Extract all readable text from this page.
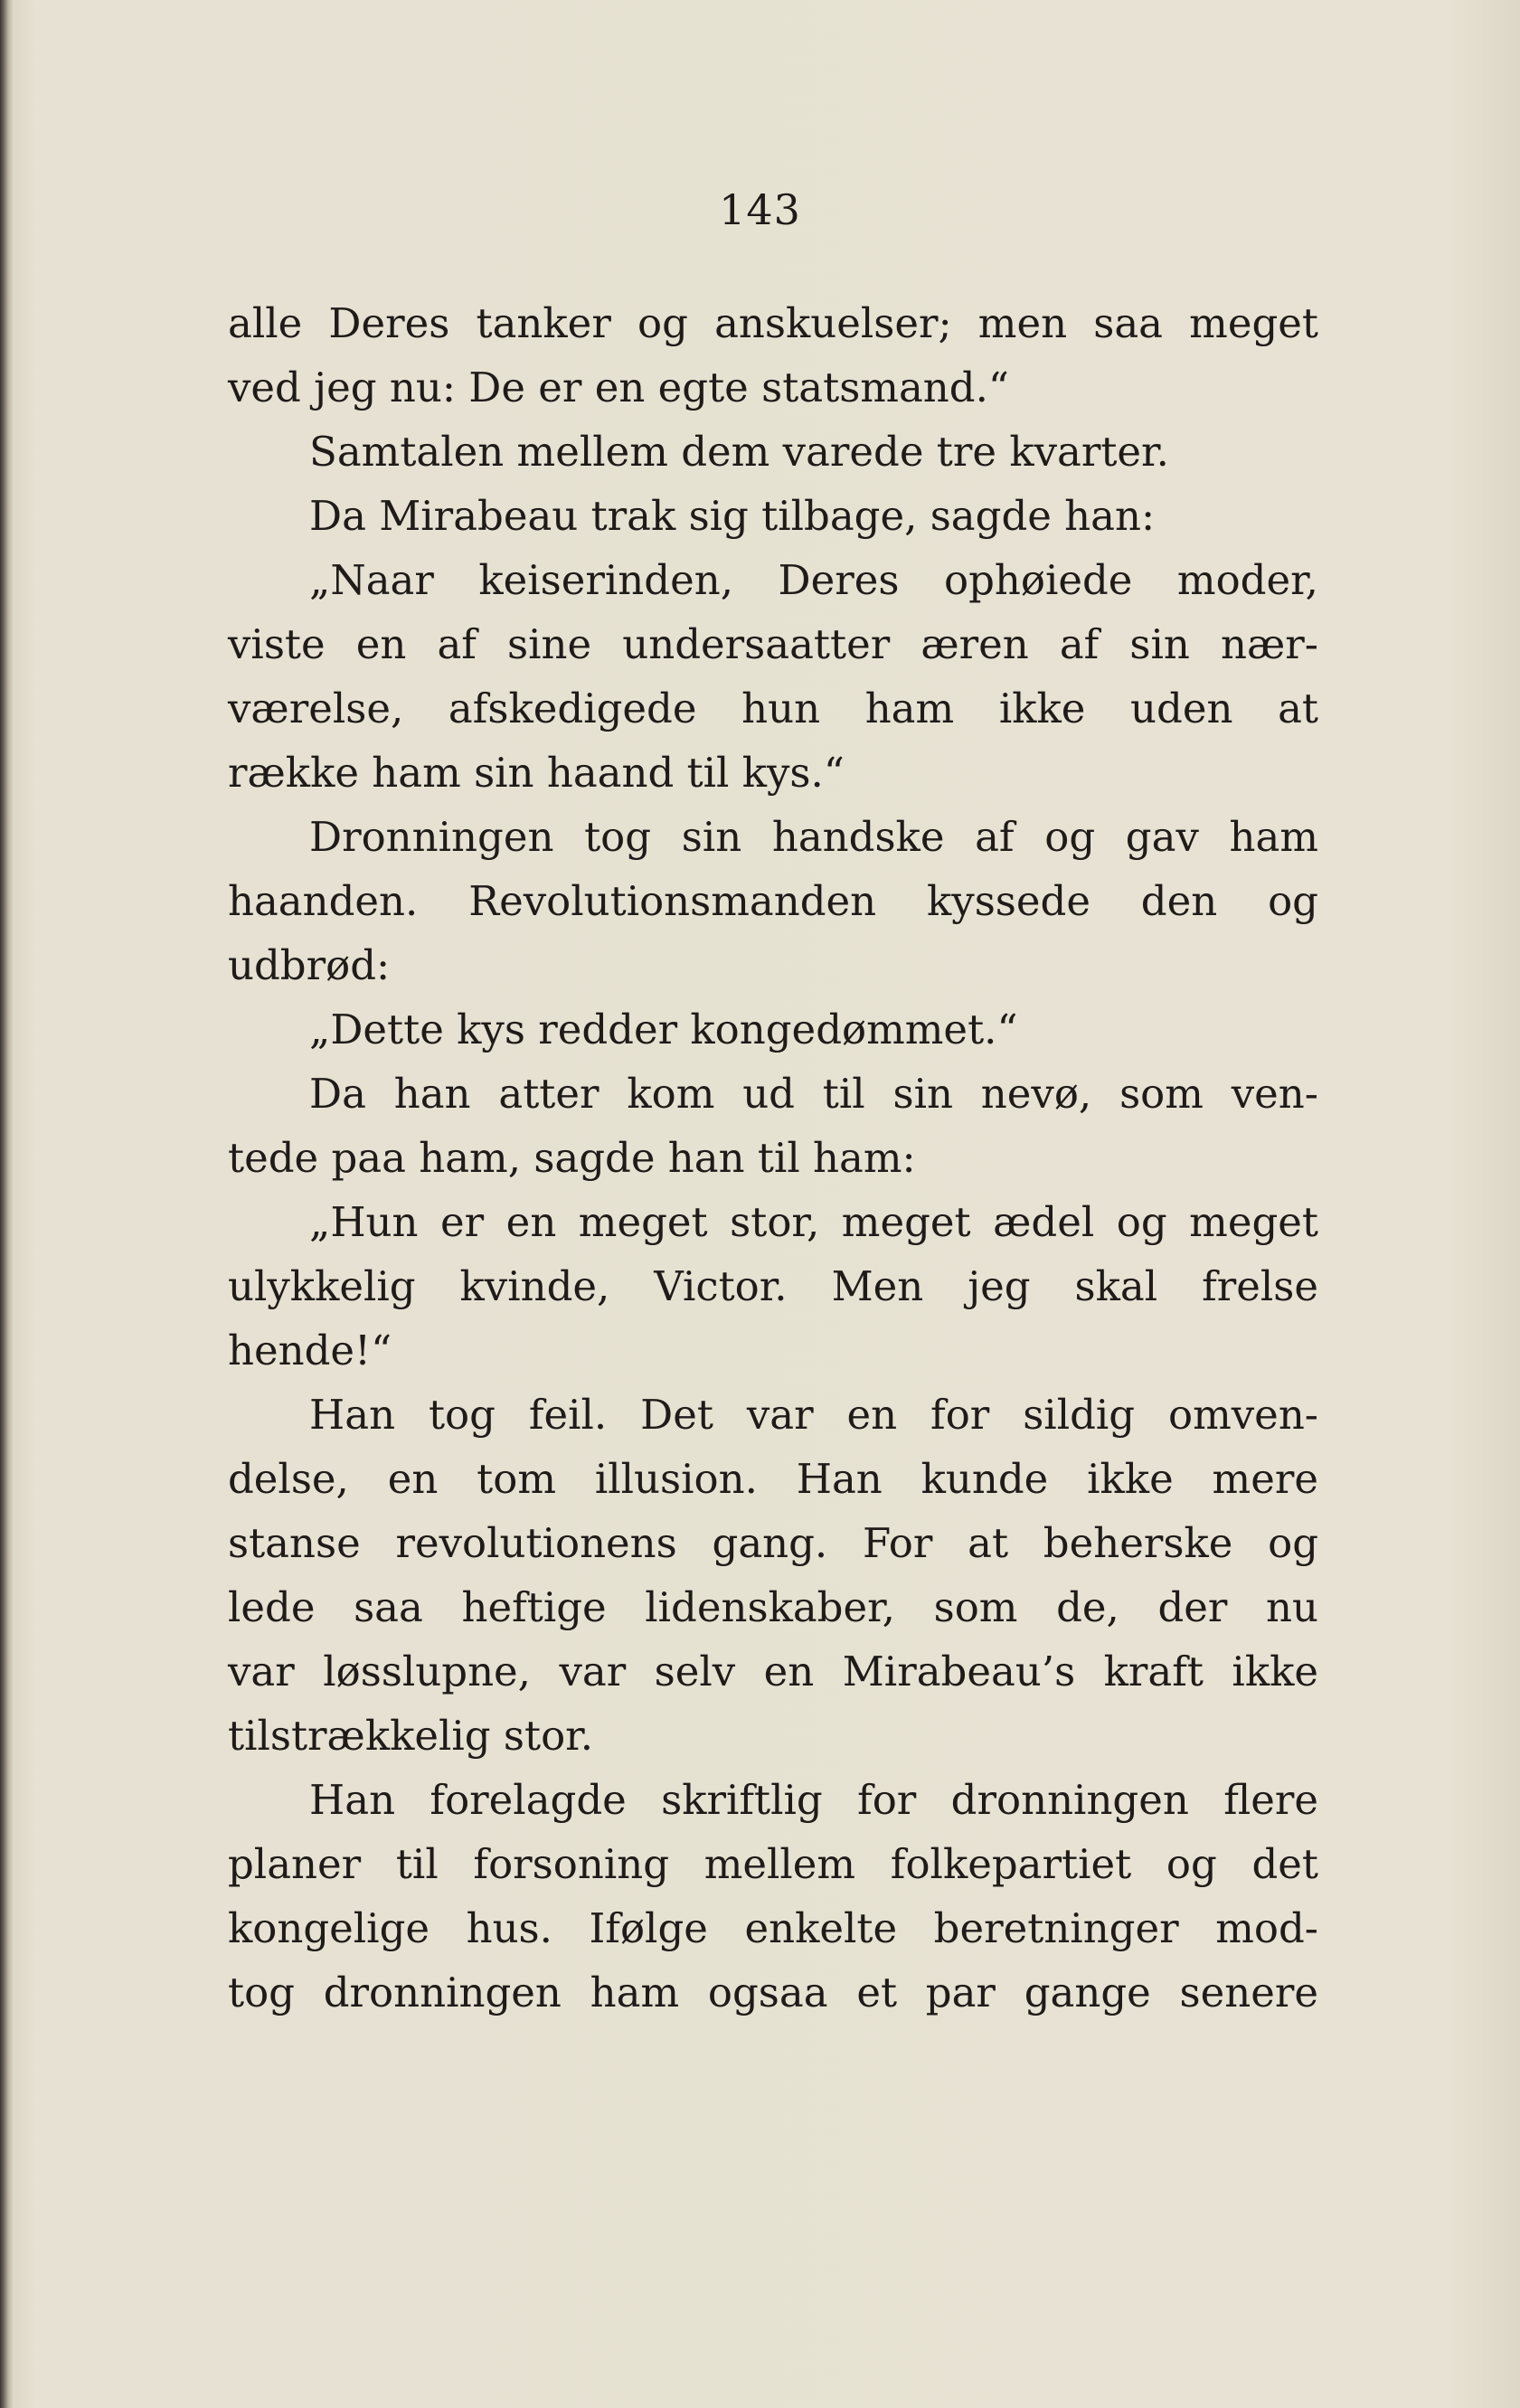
143
alle Deres tanker og anskuelser; men saa meget
ved jeg nu: De er en egte statsmand.“
Samtalen mellem dem varede tre kvarter.
Da Mirabeau trak sig tilbage, sagde han:
„Naar keiserinden, Deres ophøiede moder,
viste en af sine undersaatter æren af sin nær-
værelse, afskedigede hun ham ikke uden at
række ham sin haand til kys.“
Dronningen tog sin handske af og gav ham
haanden. Revolutionsmanden kyssede den og
udbrød:
„Dette kys redder kongedømmet.“
Da han atter kom ud til sin nevø, som ven-
tede paa ham, sagde han til ham:
„Hun er en meget stor, meget ædel og meget
ulykkelig kvinde, Victor. Men jeg skal frelse
hende!“
Han tog feil. Det var en for sildig omven-
delse, en tom illusion. Han kunde ikke mere
stanse revolutionens gang. For at beherske og
lede saa heftige lidenskaber, som de, der nu
var løsslupne, var selv en Mirabeau’s kraft ikke
tilstrækkelig stor.
Han forelagde skriftlig for dronningen flere
planer til forsoning mellem folkepartiet og det
kongelige hus. Ifølge enkelte beretninger mod-
tog dronningen ham ogsaa et par gange senere
